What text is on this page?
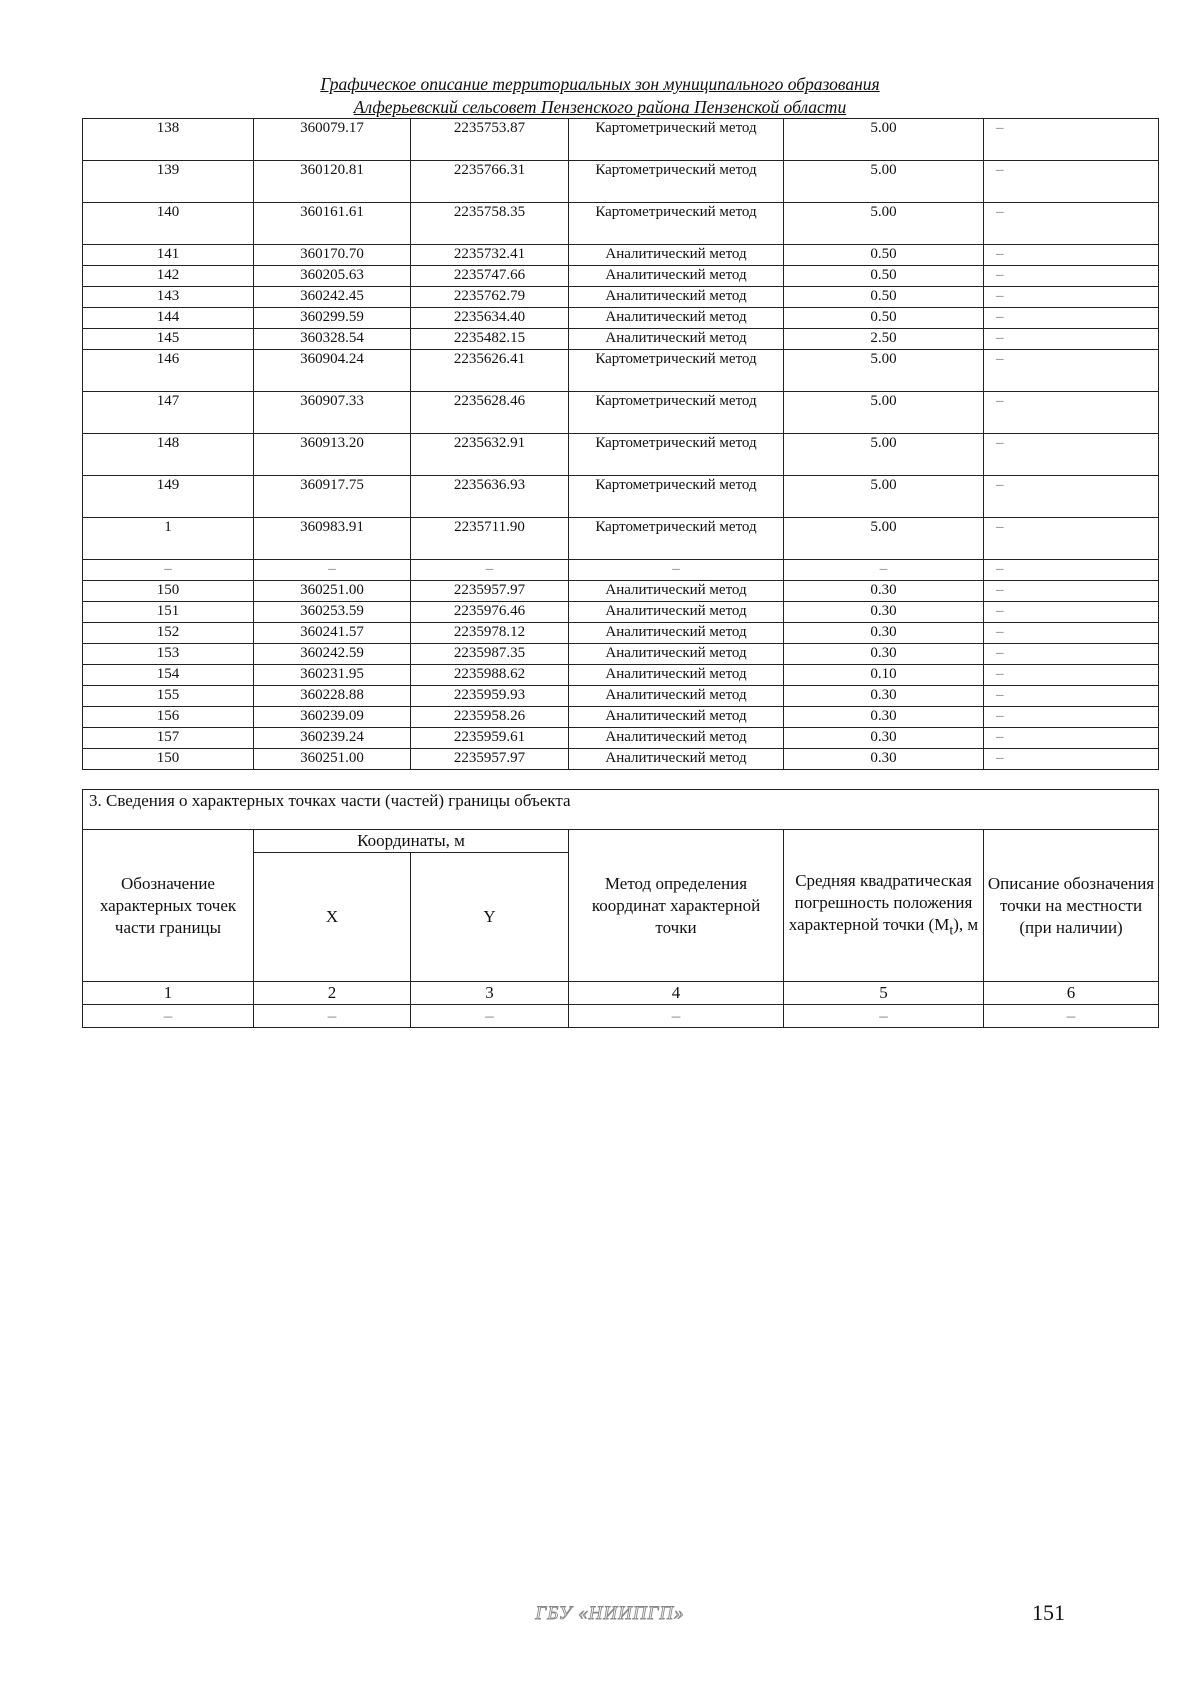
Графическое описание территориальных зон муниципального образования
Алферьевский сельсовет Пензенского района Пензенской области
138	360079.17	2235753.87	Картометрический метод	5.00	–
139	360120.81	2235766.31	Картометрический метод	5.00	–
140	360161.61	2235758.35	Картометрический метод	5.00	–
141	360170.70	2235732.41	Аналитический метод	0.50	–
142	360205.63	2235747.66	Аналитический метод	0.50	–
143	360242.45	2235762.79	Аналитический метод	0.50	–
144	360299.59	2235634.40	Аналитический метод	0.50	–
145	360328.54	2235482.15	Аналитический метод	2.50	–
146	360904.24	2235626.41	Картометрический метод	5.00	–
147	360907.33	2235628.46	Картометрический метод	5.00	–
148	360913.20	2235632.91	Картометрический метод	5.00	–
149	360917.75	2235636.93	Картометрический метод	5.00	–
1	360983.91	2235711.90	Картометрический метод	5.00	–
–	–	–	–	–	–
150	360251.00	2235957.97	Аналитический метод	0.30	–
151	360253.59	2235976.46	Аналитический метод	0.30	–
152	360241.57	2235978.12	Аналитический метод	0.30	–
153	360242.59	2235987.35	Аналитический метод	0.30	–
154	360231.95	2235988.62	Аналитический метод	0.10	–
155	360228.88	2235959.93	Аналитический метод	0.30	–
156	360239.09	2235958.26	Аналитический метод	0.30	–
157	360239.24	2235959.61	Аналитический метод	0.30	–
150	360251.00	2235957.97	Аналитический метод	0.30	–
3. Сведения о характерных точках части (частей) границы объекта					
Обозначение характерных точек части границы	Координаты, м		Метод определения координат характерной точки	Средняя квадратическая погрешность положения характерной точки $(M_t)$, м	Описание обозначения точки на местности (при наличии)
	X	Y			
1	2	3	4	5	6
–	–	–	–	–	–
ГБУ «НИИПГП»	151
